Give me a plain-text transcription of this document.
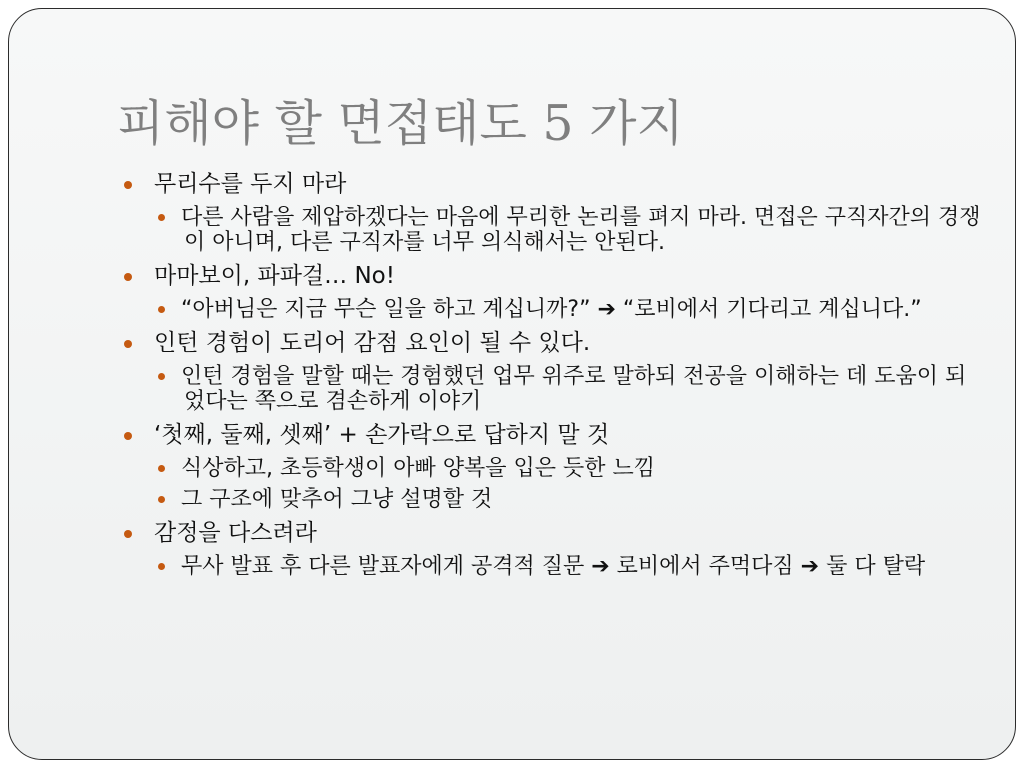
피해야 할 면접태도 5 가지
무리수를 두지 마라
다른 사람을 제압하겠다는 마음에 무리한 논리를 펴지 마라. 면접은 구직자간의 경쟁이 아니며, 다른 구직자를 너무 의식해서는 안된다.
마마보이, 파파걸… No!
“아버님은 지금 무슨 일을 하고 계십니까?” ➔ “로비에서 기다리고 계십니다.”
인턴 경험이 도리어 감점 요인이 될 수 있다.
인턴 경험을 말할 때는 경험했던 업무 위주로 말하되 전공을 이해하는 데 도움이 되었다는 쪽으로 겸손하게 이야기
‘첫째, 둘째, 셋째’ + 손가락으로 답하지 말 것
식상하고, 초등학생이 아빠 양복을 입은 듯한 느낌
그 구조에 맞추어 그냥 설명할 것
감정을 다스려라
무사 발표 후 다른 발표자에게 공격적 질문 ➔ 로비에서 주먹다짐 ➔ 둘 다 탈락
